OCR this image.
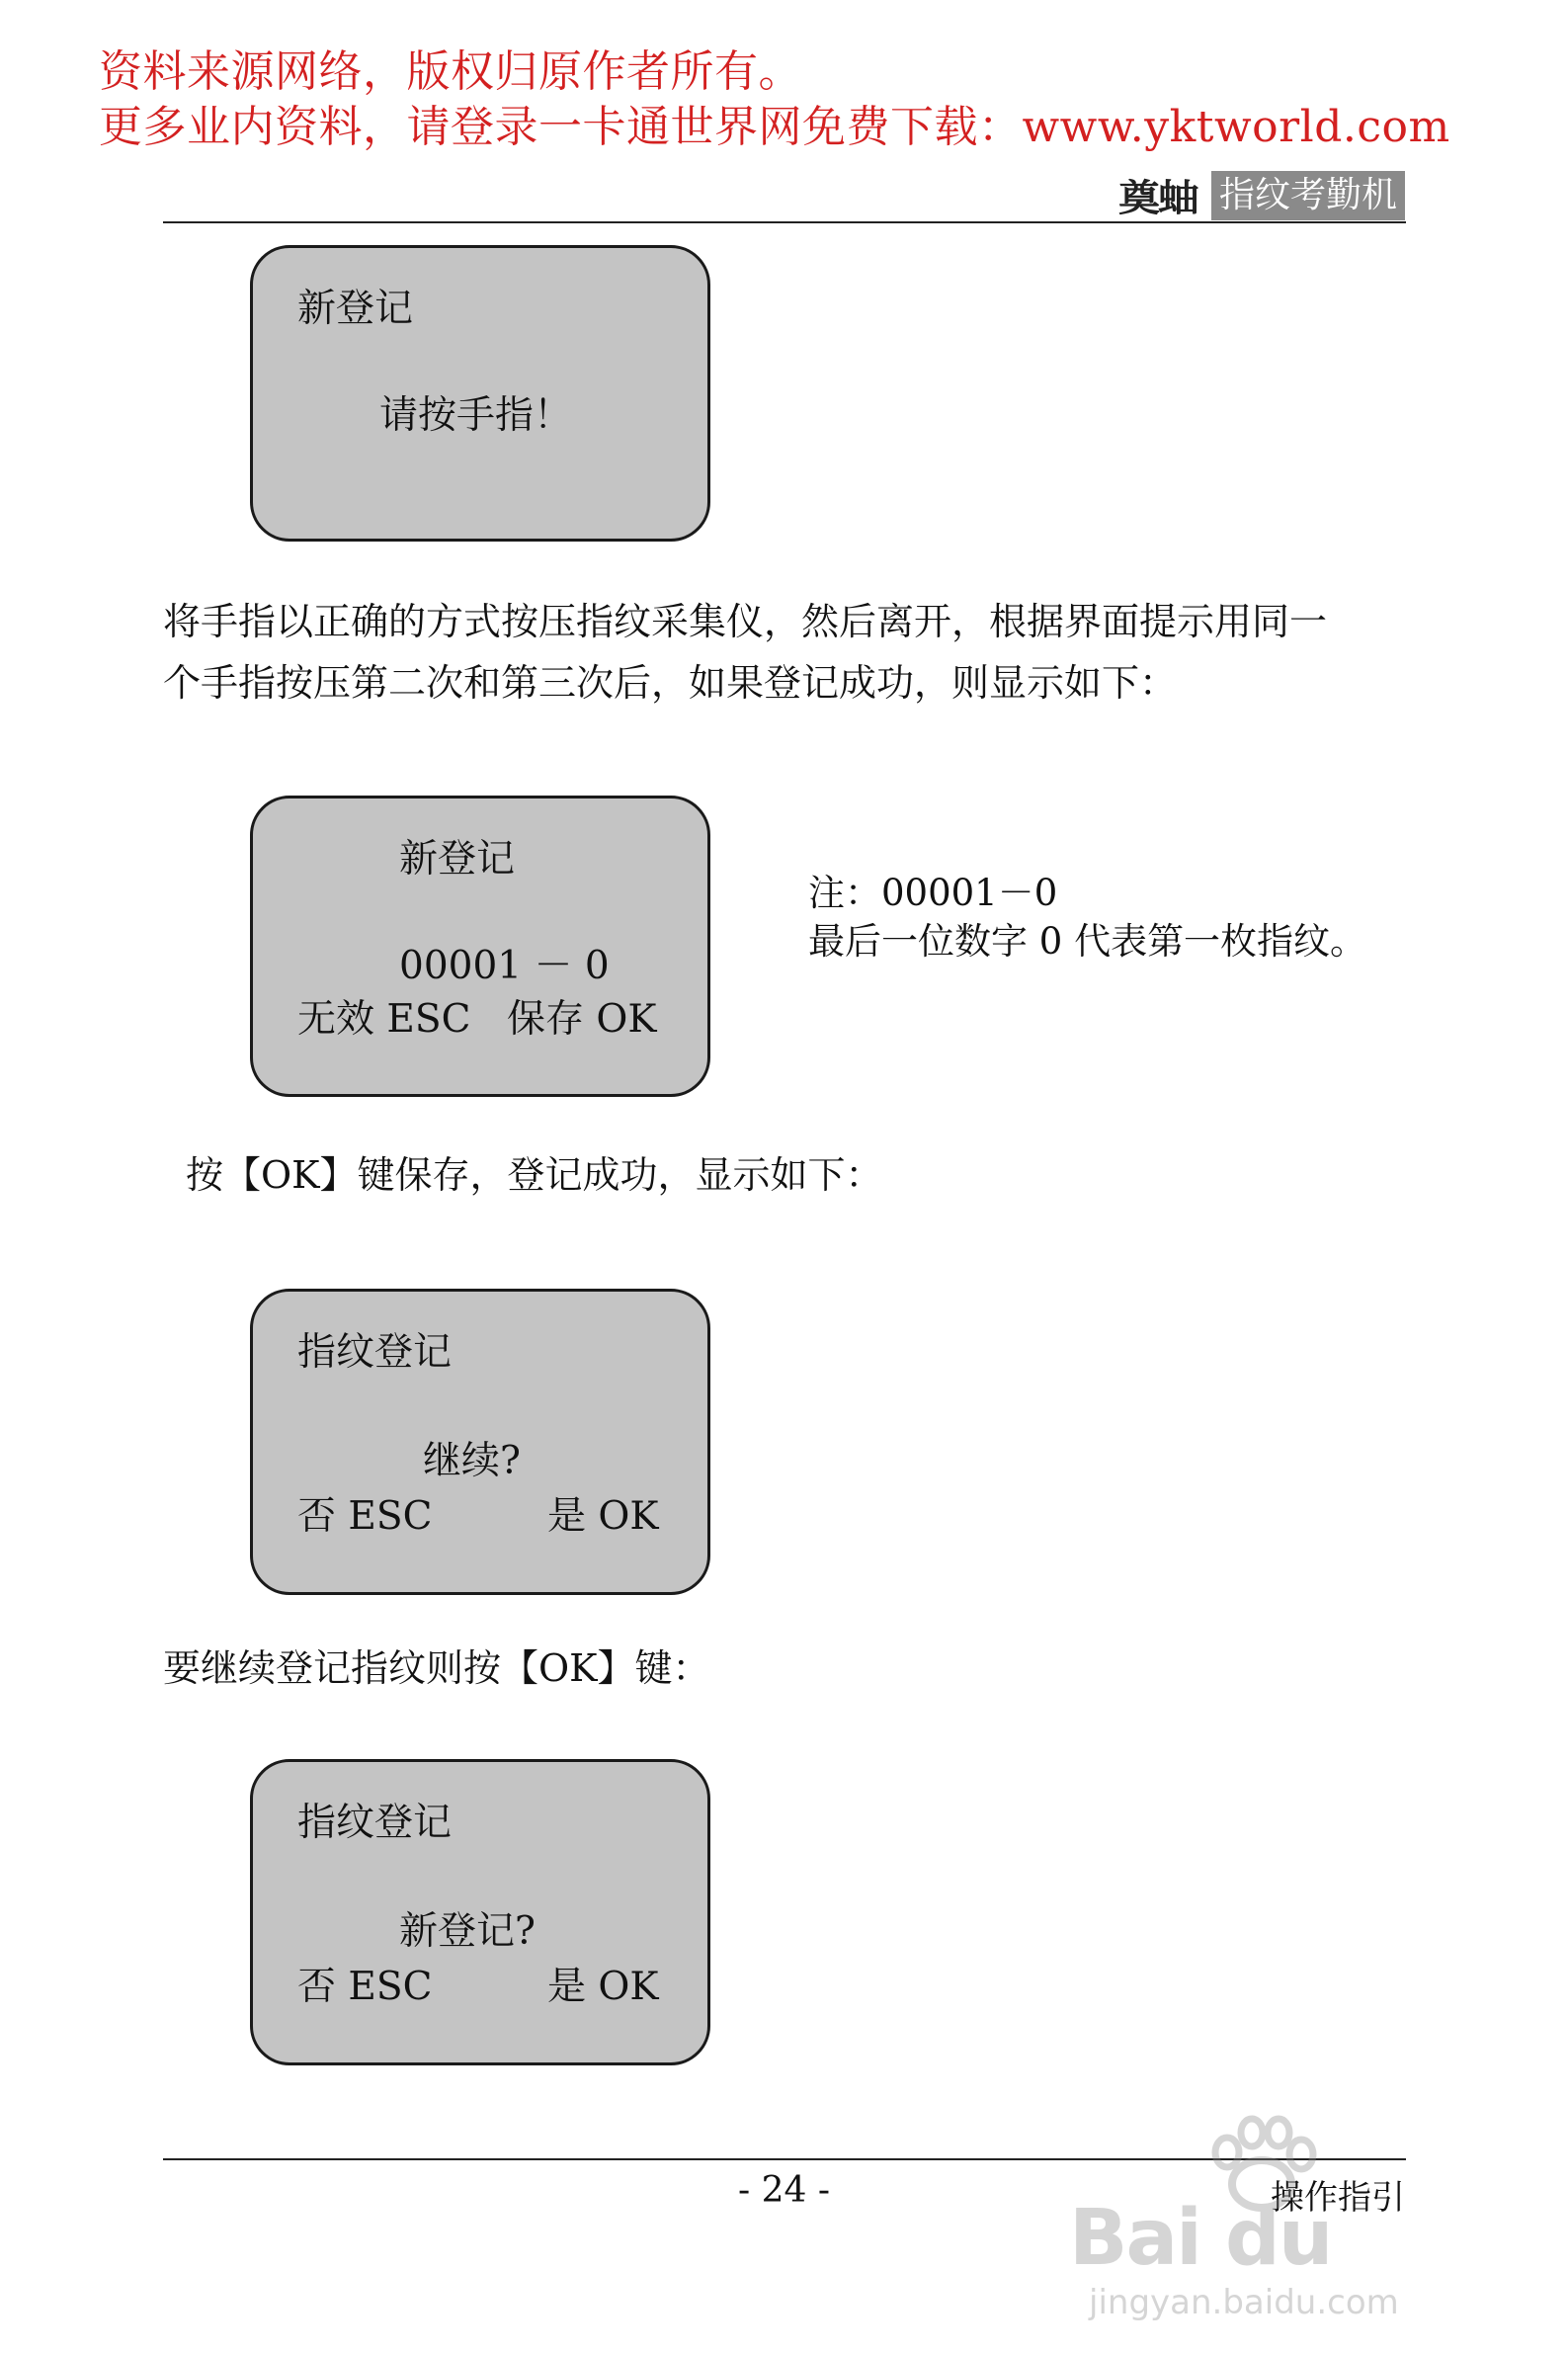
资料来源网络，版权归原作者所有。
更多业内资料，请登录一卡通世界网免费下载：www.yktworld.com
奠蚰 指纹考勤机
新登记
请按手指！
将手指以正确的方式按压指纹采集仪，然后离开，根据界面提示用同一
个手指按压第二次和第三次后，如果登记成功，则显示如下：
新登记
00001 － 0
无效 ESC 保存 OK
注：00001－0
最后一位数字 0 代表第一枚指纹。
按【OK】键保存，登记成功，显示如下：
指纹登记
继续?
否 ESC	是 OK
要继续登记指纹则按【OK】键：
指纹登记
新登记?
否 ESC	是 OK
- 24 -	操作指引
Bai du
jingyan.baidu.com
